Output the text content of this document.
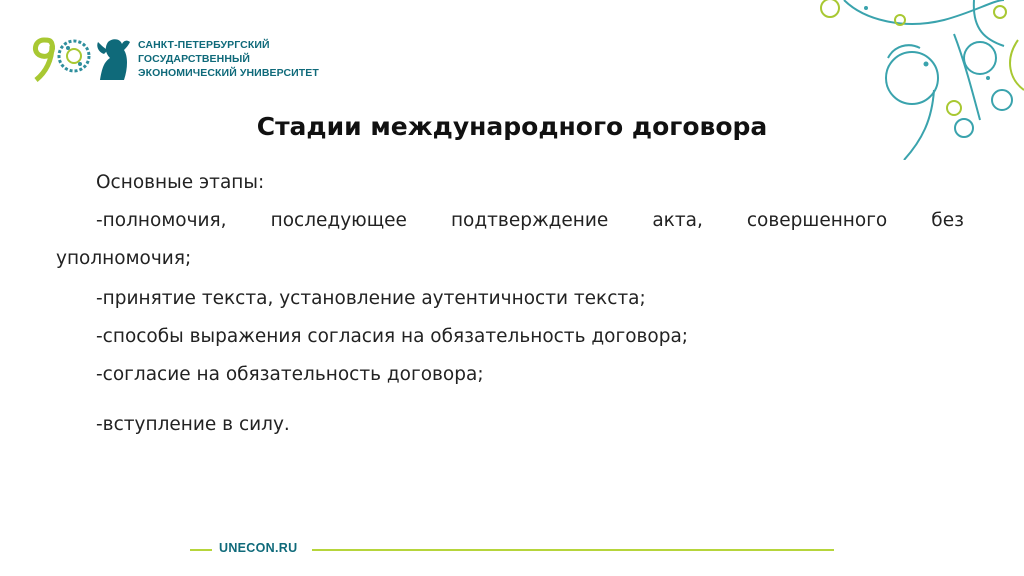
САНКТ-ПЕТЕРБУРГСКИЙ
ГОСУДАРСТВЕННЫЙ
ЭКОНОМИЧЕСКИЙ УНИВЕРСИТЕТ
Стадии международного договора
Основные этапы:
-полномочия, последующее подтверждение акта, совершенного без
уполномочия;
-принятие текста, установление аутентичности текста;
-способы выражения согласия на обязательность договора;
-согласие на обязательность договора;
-вступление в силу.
UNECON.RU
